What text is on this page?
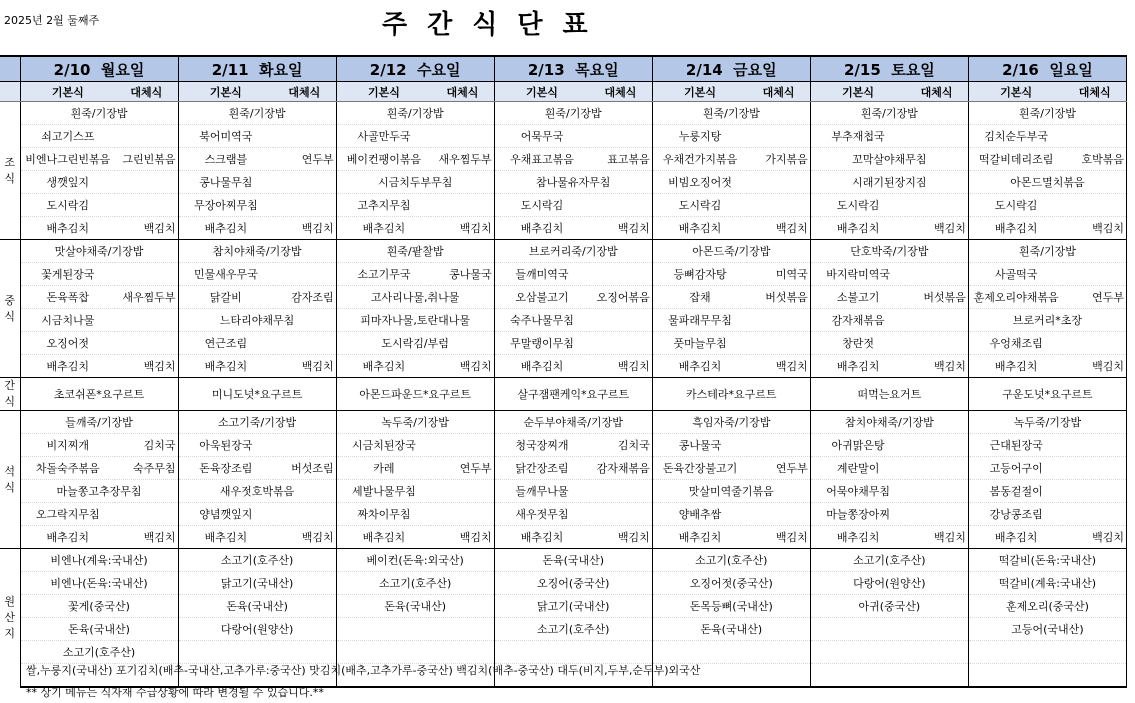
2025년 2월 둘째주	주간식단표
	2/10 월요일		2/11 화요일		2/12 수요일		2/13 목요일		2/14 금요일		2/15 토요일		2/16 일요일	
	기본식	대체식	기본식	대체식	기본식	대체식	기본식	대체식	기본식	대체식	기본식	대체식	기본식	대체식
조
식	흰죽/기장밥		흰죽/기장밥		흰죽/기장밥		흰죽/기장밥		흰죽/기장밥		흰죽/기장밥		흰죽/기장밥	
	쇠고기스프		북어미역국		사골만두국		어묵무국		누룽지탕		부추재첩국		김치순두부국	
	비엔나그린빈볶음	그린빈볶음	스크램블	연두부	베이컨팽이볶음	새우찜두부	우채표고볶음	표고볶음	우채건가지볶음	가지볶음	꼬막살야채무침		떡갈비데리조림	호박볶음
	생깻잎지		콩나물무침		시금치두부무침		참나물유자무침		비빔오징어젓		시래기된장지짐		아몬드멸치볶음	
	도시락김		무장아찌무침		고추지무침		도시락김		도시락김		도시락김		도시락김	
	배추김치	백김치	배추김치	백김치	배추김치	백김치	배추김치	백김치	배추김치	백김치	배추김치	백김치	배추김치	백김치
중
식	맛살야채죽/기장밥		참치야채죽/기장밥		흰죽/팥찰밥		브로커리죽/기장밥		아몬드죽/기장밥		단호박죽/기장밥		흰죽/기장밥	
	꽃게된장국		민물새우무국		소고기무국	콩나물국	들깨미역국		등뼈감자탕	미역국	바지락미역국		사골떡국	
	돈육폭찹	새우찜두부	닭갈비	감자조림	고사리나물,취나물		오삼불고기	오징어볶음	잡채	버섯볶음	소불고기	버섯볶음	훈제오리야채볶음	연두부
	시금치나물		느타리야채무침		피마자나물,토란대나물		숙주나물무침		물파래무무침		감자채볶음		브로커리*초장	
	오징어젓		연근조림		도시락김/부럼		무말랭이무침		풋마늘무침		창란젓		우엉채조림	
	배추김치	백김치	배추김치	백김치	배추김치	백김치	배추김치	백김치	배추김치	백김치	배추김치	백김치	배추김치	백김치
간
식	초코쉬폰*요구르트		미니도넛*요구르트		아몬드파운드*요구르트		살구잼팬케익*요구르트		카스테라*요구르트		떠먹는요거트		구운도넛*요구르트	
석
식	들깨죽/기장밥		소고기죽/기장밥		녹두죽/기장밥		순두부야채죽/기장밥		흑임자죽/기장밥		참치야채죽/기장밥		녹두죽/기장밥	
	비지찌개	김치국	아욱된장국		시금치된장국		청국장찌개	김치국	콩나물국		아귀맑은탕		근대된장국	
	차돌숙주볶음	숙주무침	돈육장조림	버섯조림	카레	연두부	닭간장조림	감자채볶음	돈육간장불고기	연두부	계란말이		고등어구이	
	마늘쫑고추장무침		새우젓호박볶음		세발나물무침		들깨무나물		맛살미역줄기볶음		어묵야채무침		봄동겉절이	
	오그락지무침		양념깻잎지		짜차이무침		새우젓무침		양배추쌈		마늘쫑장아찌		강낭콩조림	
	배추김치	백김치	배추김치	백김치	배추김치	백김치	배추김치	백김치	배추김치	백김치	배추김치	백김치	배추김치	백김치
원
산
지	비엔나(계육:국내산)		소고기(호주산)		베이컨(돈육:외국산)		돈육(국내산)		소고기(호주산)		소고기(호주산)		떡갈비(돈육:국내산)	
	비엔나(돈육:국내산)		닭고기(국내산)		소고기(호주산)		오징어(중국산)		오징어젓(중국산)		다랑어(원양산)		떡갈비(계육:국내산)	
	꽃게(중국산)		돈육(국내산)		돈육(국내산)		닭고기(국내산)		돈목등뼈(국내산)		아귀(중국산)		훈제오리(중국산)	
	돈육(국내산)		다랑어(원양산)				소고기(호주산)		돈육(국내산)				고등어(국내산)	
	소고기(호주산)													

쌀,누룽지(국내산) 포기김치(배추-국내산,고추가루:중국산) 맛김치(배추,고추가루-중국산) 백김치(배추-중국산) 대두(비지,두부,순두부)외국산
** 상기 메뉴는 식자재 수급상황에 따라 변경될 수 있습니다.**
